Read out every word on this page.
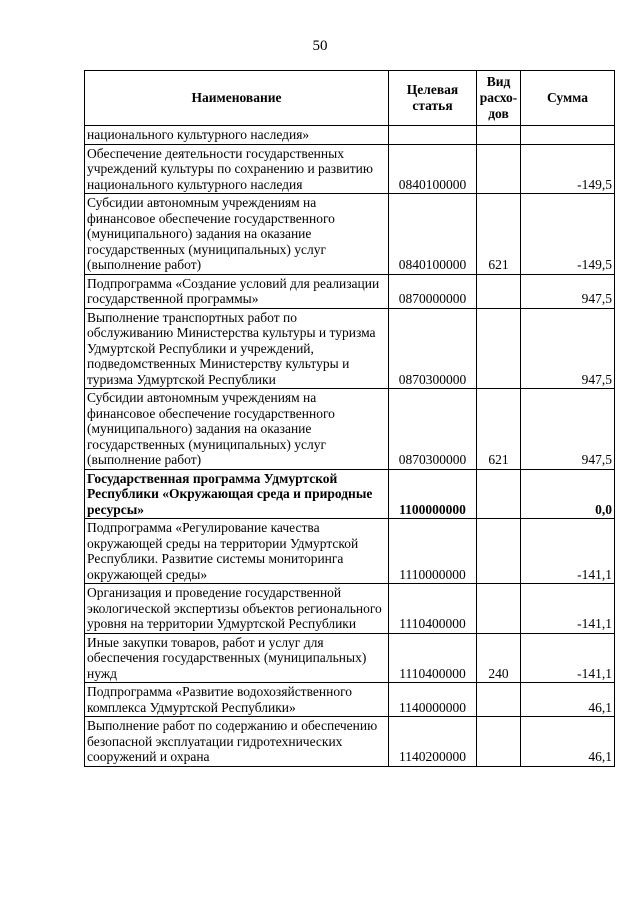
50
Наименование	Целевая статья	Вид расхо-дов	Сумма
национального культурного наследия»			
Обеспечение деятельности государственных учреждений культуры по сохранению и развитию национального культурного наследия	0840100000		-149,5
Субсидии автономным учреждениям на финансовое обеспечение государственного (муниципального) задания на оказание государственных (муниципальных) услуг (выполнение работ)	0840100000	621	-149,5
Подпрограмма «Создание условий для реализации государственной программы»	0870000000		947,5
Выполнение транспортных работ по обслуживанию Министерства культуры и туризма Удмуртской Республики и учреждений, подведомственных Министерству культуры и туризма Удмуртской Республики	0870300000		947,5
Субсидии автономным учреждениям на финансовое обеспечение государственного (муниципального) задания на оказание государственных (муниципальных) услуг (выполнение работ)	0870300000	621	947,5
Государственная программа Удмуртской Республики «Окружающая среда и природные ресурсы»	1100000000		0,0
Подпрограмма «Регулирование качества окружающей среды на территории Удмуртской Республики. Развитие системы мониторинга окружающей среды»	1110000000		-141,1
Организация и проведение государственной экологической экспертизы объектов регионального уровня на территории Удмуртской Республики	1110400000		-141,1
Иные закупки товаров, работ и услуг для обеспечения государственных (муниципальных) нужд	1110400000	240	-141,1
Подпрограмма «Развитие водохозяйственного комплекса Удмуртской Республики»	1140000000		46,1
Выполнение работ по содержанию и обеспечению безопасной эксплуатации гидротехнических сооружений и охрана	1140200000		46,1
